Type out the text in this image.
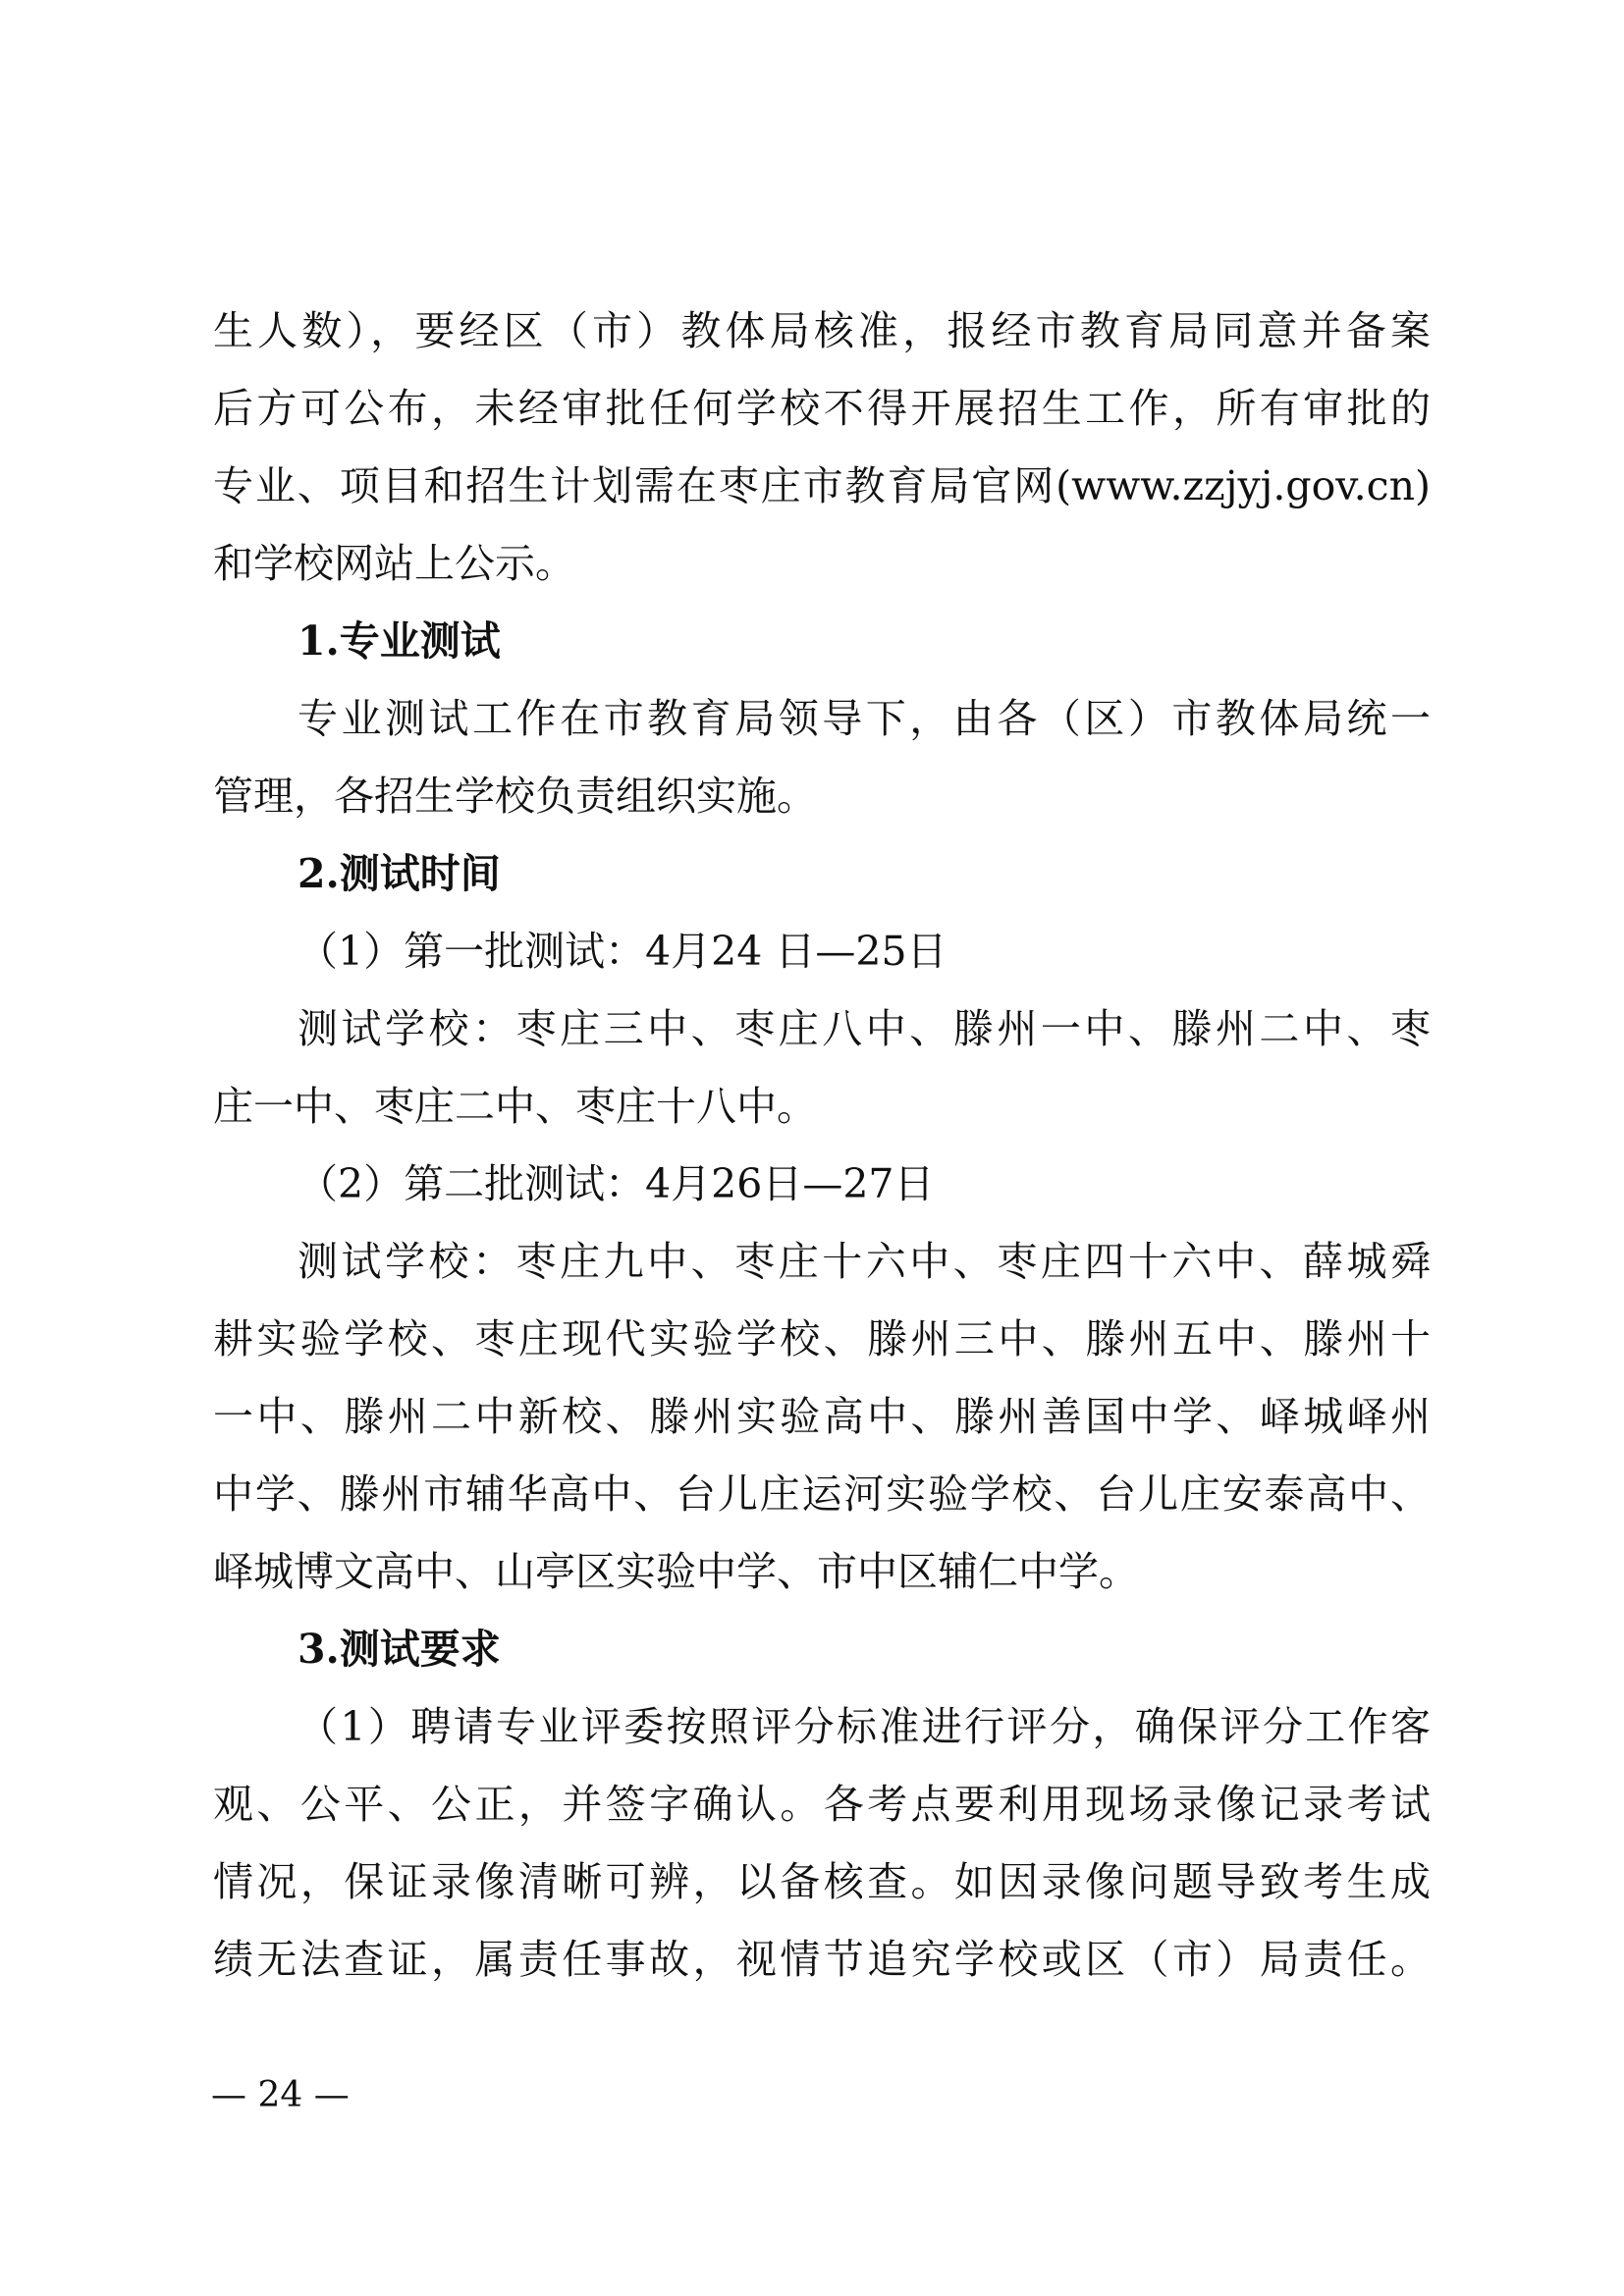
生人数），要经区（市）教体局核准，报经市教育局同意并备案
后方可公布，未经审批任何学校不得开展招生工作，所有审批的
专业、项目和招生计划需在枣庄市教育局官网(www.zzjyj.gov.cn)
和学校网站上公示。
1.专业测试
专业测试工作在市教育局领导下，由各（区）市教体局统一
管理，各招生学校负责组织实施。
2.测试时间
（1）第一批测试：4月24 日—25日
测试学校：枣庄三中、枣庄八中、滕州一中、滕州二中、枣
庄一中、枣庄二中、枣庄十八中。
（2）第二批测试：4月26日—27日
测试学校：枣庄九中、枣庄十六中、枣庄四十六中、薛城舜
耕实验学校、枣庄现代实验学校、滕州三中、滕州五中、滕州十
一中、滕州二中新校、滕州实验高中、滕州善国中学、峄城峄州
中学、滕州市辅华高中、台儿庄运河实验学校、台儿庄安泰高中、
峄城博文高中、山亭区实验中学、市中区辅仁中学。
3.测试要求
（1）聘请专业评委按照评分标准进行评分，确保评分工作客
观、公平、公正，并签字确认。各考点要利用现场录像记录考试
情况，保证录像清晰可辨，以备核查。如因录像问题导致考生成
绩无法查证，属责任事故，视情节追究学校或区（市）局责任。
— 24 —
